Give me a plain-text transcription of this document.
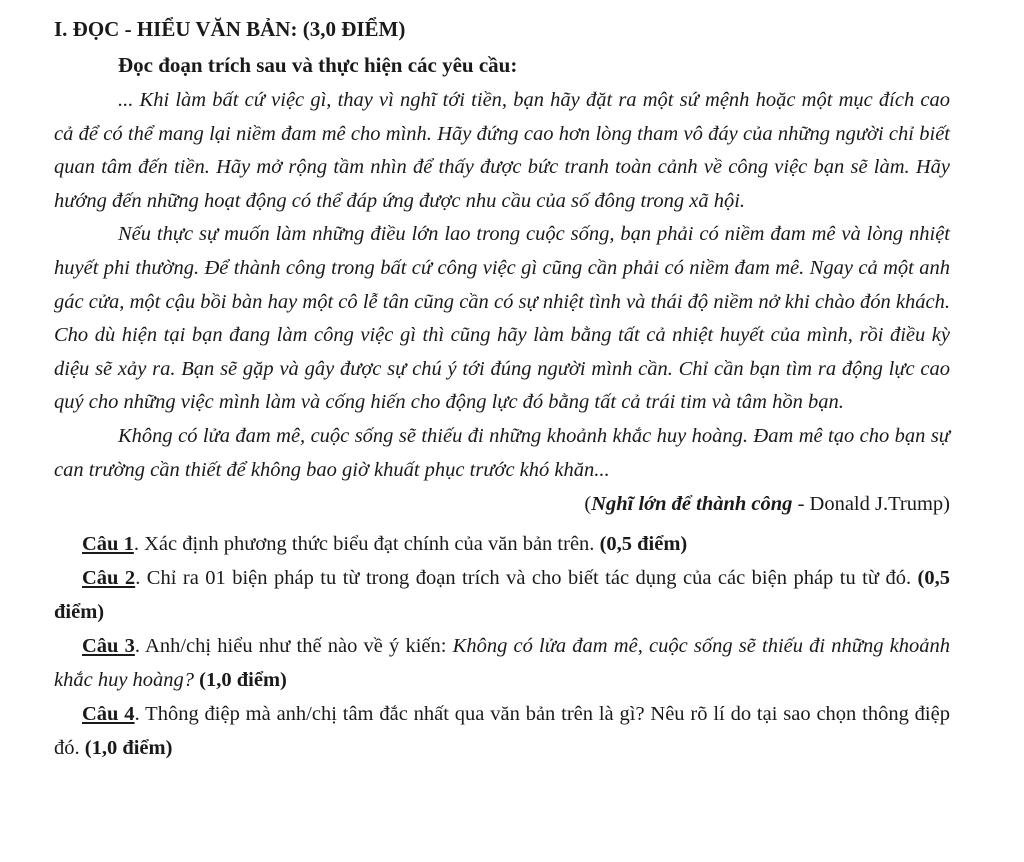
I. ĐỌC - HIỂU VĂN BẢN: (3,0 ĐIỂM)

Đọc đoạn trích sau và thực hiện các yêu cầu:

... Khi làm bất cứ việc gì, thay vì nghĩ tới tiền, bạn hãy đặt ra một sứ mệnh hoặc một mục đích cao cả để có thể mang lại niềm đam mê cho mình. Hãy đứng cao hơn lòng tham vô đáy của những người chỉ biết quan tâm đến tiền. Hãy mở rộng tầm nhìn để thấy được bức tranh toàn cảnh về công việc bạn sẽ làm. Hãy hướng đến những hoạt động có thể đáp ứng được nhu cầu của số đông trong xã hội.

Nếu thực sự muốn làm những điều lớn lao trong cuộc sống, bạn phải có niềm đam mê và lòng nhiệt huyết phi thường. Để thành công trong bất cứ công việc gì cũng cần phải có niềm đam mê. Ngay cả một anh gác cửa, một cậu bồi bàn hay một cô lễ tân cũng cần có sự nhiệt tình và thái độ niềm nở khi chào đón khách. Cho dù hiện tại bạn đang làm công việc gì thì cũng hãy làm bằng tất cả nhiệt huyết của mình, rồi điều kỳ diệu sẽ xảy ra. Bạn sẽ gặp và gây được sự chú ý tới đúng người mình cần. Chỉ cần bạn tìm ra động lực cao quý cho những việc mình làm và cống hiến cho động lực đó bằng tất cả trái tim và tâm hồn bạn.

Không có lửa đam mê, cuộc sống sẽ thiếu đi những khoảnh khắc huy hoàng. Đam mê tạo cho bạn sự can trường cần thiết để không bao giờ khuất phục trước khó khăn...

(Nghĩ lớn để thành công - Donald J.Trump)

Câu 1. Xác định phương thức biểu đạt chính của văn bản trên. (0,5 điểm)

Câu 2. Chỉ ra 01 biện pháp tu từ trong đoạn trích và cho biết tác dụng của các biện pháp tu từ đó. (0,5 điểm)

Câu 3. Anh/chị hiểu như thế nào về ý kiến: Không có lửa đam mê, cuộc sống sẽ thiếu đi những khoảnh khắc huy hoàng? (1,0 điểm)

Câu 4. Thông điệp mà anh/chị tâm đắc nhất qua văn bản trên là gì? Nêu rõ lí do tại sao chọn thông điệp đó. (1,0 điểm)
